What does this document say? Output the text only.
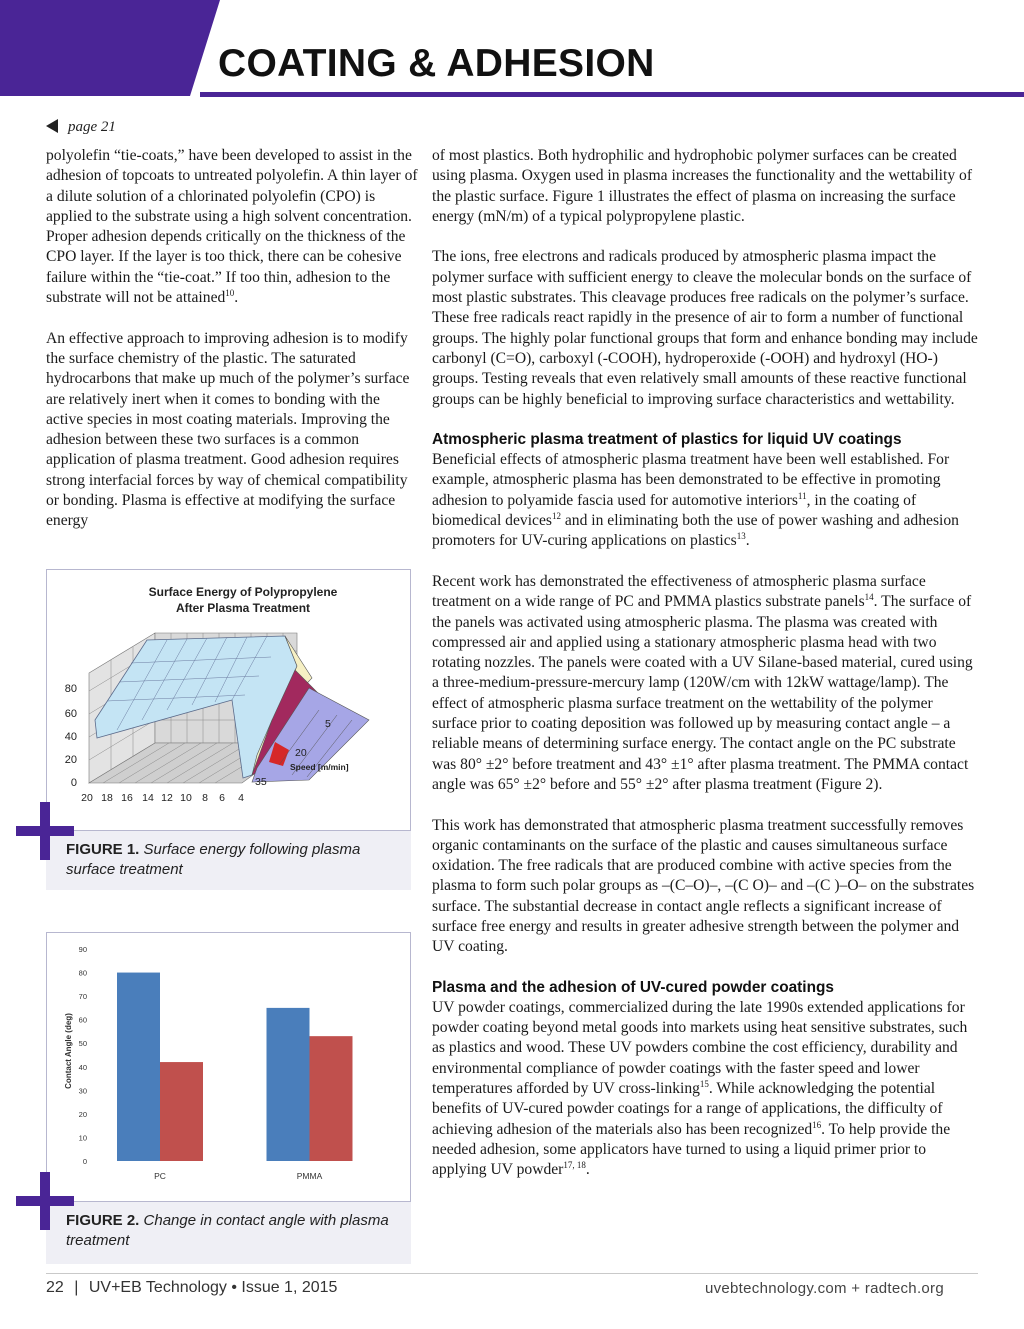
COATING & ADHESION
page 21

polyolefin “tie-coats,” have been developed to assist in the adhesion of topcoats to untreated polyolefin. A thin layer of a dilute solution of a chlorinated polyolefin (CPO) is applied to the substrate using a high solvent concentration. Proper adhesion depends critically on the thickness of the CPO layer. If the layer is too thick, there can be cohesive failure within the “tie-coat.” If too thin, adhesion to the substrate will not be attained$^{10}$.

An effective approach to improving adhesion is to modify the surface chemistry of the plastic. The saturated hydrocarbons that make up much of the polymer’s surface are relatively inert when it comes to bonding with the active species in most coating materials. Improving the adhesion between these two surfaces is a common application of plasma treatment. Good adhesion requires strong interfacial forces by way of chemical compatibility or bonding. Plasma is effective at modifying the surface energy

Surface Energy of Polypropylene
After Plasma Treatment
0
20
40
60
80
20 18 16 14 12 10 8 6 4
5
20
35
Speed [m/min]
FIGURE 1. Surface energy following plasma surface treatment
Contact Angle (deg)
0
10
20
30
40
50
60
70
80
90
PC	PMMA
FIGURE 2. Change in contact angle with plasma treatment

of most plastics. Both hydrophilic and hydrophobic polymer surfaces can be created using plasma. Oxygen used in plasma increases the functionality and the wettability of the plastic surface. Figure 1 illustrates the effect of plasma on increasing the surface energy (mN/m) of a typical polypropylene plastic.

The ions, free electrons and radicals produced by atmospheric plasma impact the polymer surface with sufficient energy to cleave the molecular bonds on the surface of most plastic substrates. This cleavage produces free radicals on the polymer’s surface. These free radicals react rapidly in the presence of air to form a number of functional groups. The highly polar functional groups that form and enhance bonding may include carbonyl (C=O), carboxyl (-COOH), hydroperoxide (-OOH) and hydroxyl (HO-) groups. Testing reveals that even relatively small amounts of these reactive functional groups can be highly beneficial to improving surface characteristics and wettability.

Atmospheric plasma treatment of plastics for liquid UV coatings

Beneficial effects of atmospheric plasma treatment have been well established. For example, atmospheric plasma has been demonstrated to be effective in promoting adhesion to polyamide fascia used for automotive interiors$^{11}$, in the coating of biomedical devices$^{12}$ and in eliminating both the use of power washing and adhesion promoters for UV-curing applications on plastics$^{13}$.

Recent work has demonstrated the effectiveness of atmospheric plasma surface treatment on a wide range of PC and PMMA plastics substrate panels$^{14}$. The surface of the panels was activated using atmospheric plasma. The plasma was created with compressed air and applied using a stationary atmospheric plasma head with two rotating nozzles. The panels were coated with a UV Silane-based material, cured using a three-medium-pressure-mercury lamp (120W/cm with 12kW wattage/lamp). The effect of atmospheric plasma surface treatment on the wettability of the polymer surface prior to coating deposition was followed up by measuring contact angle – a reliable means of determining surface energy. The contact angle on the PC substrate was 80° ±2° before treatment and 43° ±1° after plasma treatment. The PMMA contact angle was 65° ±2° before and 55° ±2° after plasma treatment (Figure 2).

This work has demonstrated that atmospheric plasma treatment successfully removes organic contaminants on the surface of the plastic and causes simultaneous surface oxidation. The free radicals that are produced combine with active species from the plasma to form such polar groups as –(C–O)–, –(C O)– and –(C )–O– on the substrates surface. The substantial decrease in contact angle reflects a significant increase of surface free energy and results in greater adhesive strength between the polymer and UV coating.

Plasma and the adhesion of UV-cured powder coatings

UV powder coatings, commercialized during the late 1990s extended applications for powder coating beyond metal goods into markets using heat sensitive substrates, such as plastics and wood. These UV powders combine the cost efficiency, durability and environmental compliance of powder coatings with the faster speed and lower temperatures afforded by UV cross-linking$^{15}$. While acknowledging the potential benefits of UV-cured powder coatings for a range of applications, the difficulty of achieving adhesion of the materials also has been recognized$^{16}$. To help provide the needed adhesion, some applicators have turned to using a liquid primer prior to applying UV powder$^{17, 18}$.

22 | UV+EB Technology • Issue 1, 2015	uvebtechnology.com + radtech.org
